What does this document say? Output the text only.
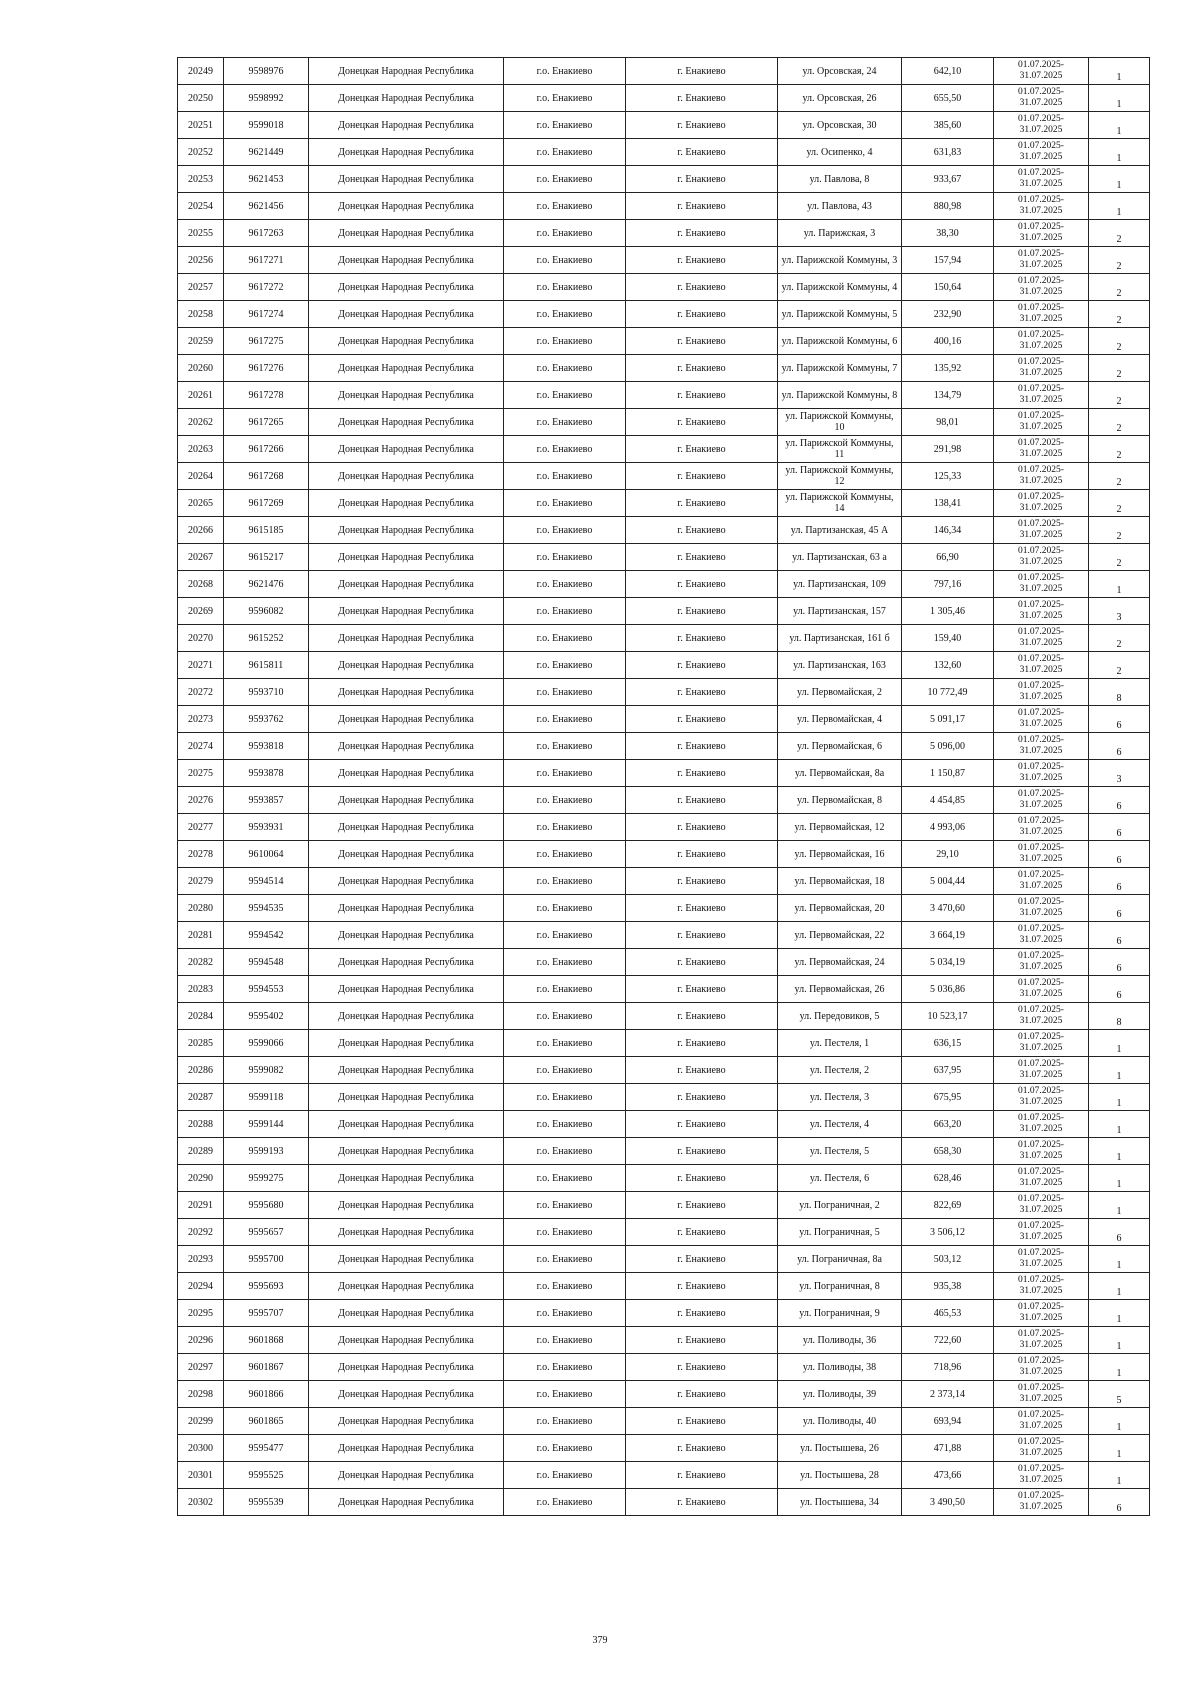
20249	9598976	Донецкая Народная Республика	г.о. Енакиево	г. Енакиево	ул. Орсовская, 24	642,10	01.07.2025-
31.07.2025	1
20250	9598992	Донецкая Народная Республика	г.о. Енакиево	г. Енакиево	ул. Орсовская, 26	655,50	01.07.2025-
31.07.2025	1
20251	9599018	Донецкая Народная Республика	г.о. Енакиево	г. Енакиево	ул. Орсовская, 30	385,60	01.07.2025-
31.07.2025	1
20252	9621449	Донецкая Народная Республика	г.о. Енакиево	г. Енакиево	ул. Осипенко, 4	631,83	01.07.2025-
31.07.2025	1
20253	9621453	Донецкая Народная Республика	г.о. Енакиево	г. Енакиево	ул. Павлова, 8	933,67	01.07.2025-
31.07.2025	1
20254	9621456	Донецкая Народная Республика	г.о. Енакиево	г. Енакиево	ул. Павлова, 43	880,98	01.07.2025-
31.07.2025	1
20255	9617263	Донецкая Народная Республика	г.о. Енакиево	г. Енакиево	ул. Парижская, 3	38,30	01.07.2025-
31.07.2025	2
20256	9617271	Донецкая Народная Республика	г.о. Енакиево	г. Енакиево	ул. Парижской Коммуны, 3	157,94	01.07.2025-
31.07.2025	2
20257	9617272	Донецкая Народная Республика	г.о. Енакиево	г. Енакиево	ул. Парижской Коммуны, 4	150,64	01.07.2025-
31.07.2025	2
20258	9617274	Донецкая Народная Республика	г.о. Енакиево	г. Енакиево	ул. Парижской Коммуны, 5	232,90	01.07.2025-
31.07.2025	2
20259	9617275	Донецкая Народная Республика	г.о. Енакиево	г. Енакиево	ул. Парижской Коммуны, 6	400,16	01.07.2025-
31.07.2025	2
20260	9617276	Донецкая Народная Республика	г.о. Енакиево	г. Енакиево	ул. Парижской Коммуны, 7	135,92	01.07.2025-
31.07.2025	2
20261	9617278	Донецкая Народная Республика	г.о. Енакиево	г. Енакиево	ул. Парижской Коммуны, 8	134,79	01.07.2025-
31.07.2025	2
20262	9617265	Донецкая Народная Республика	г.о. Енакиево	г. Енакиево	ул. Парижской Коммуны, 10	98,01	01.07.2025-
31.07.2025	2
20263	9617266	Донецкая Народная Республика	г.о. Енакиево	г. Енакиево	ул. Парижской Коммуны, 11	291,98	01.07.2025-
31.07.2025	2
20264	9617268	Донецкая Народная Республика	г.о. Енакиево	г. Енакиево	ул. Парижской Коммуны, 12	125,33	01.07.2025-
31.07.2025	2
20265	9617269	Донецкая Народная Республика	г.о. Енакиево	г. Енакиево	ул. Парижской Коммуны, 14	138,41	01.07.2025-
31.07.2025	2
20266	9615185	Донецкая Народная Республика	г.о. Енакиево	г. Енакиево	ул. Партизанская, 45 А	146,34	01.07.2025-
31.07.2025	2
20267	9615217	Донецкая Народная Республика	г.о. Енакиево	г. Енакиево	ул. Партизанская, 63 а	66,90	01.07.2025-
31.07.2025	2
20268	9621476	Донецкая Народная Республика	г.о. Енакиево	г. Енакиево	ул. Партизанская, 109	797,16	01.07.2025-
31.07.2025	1
20269	9596082	Донецкая Народная Республика	г.о. Енакиево	г. Енакиево	ул. Партизанская, 157	1 305,46	01.07.2025-
31.07.2025	3
20270	9615252	Донецкая Народная Республика	г.о. Енакиево	г. Енакиево	ул. Партизанская, 161 б	159,40	01.07.2025-
31.07.2025	2
20271	9615811	Донецкая Народная Республика	г.о. Енакиево	г. Енакиево	ул. Партизанская, 163	132,60	01.07.2025-
31.07.2025	2
20272	9593710	Донецкая Народная Республика	г.о. Енакиево	г. Енакиево	ул. Первомайская, 2	10 772,49	01.07.2025-
31.07.2025	8
20273	9593762	Донецкая Народная Республика	г.о. Енакиево	г. Енакиево	ул. Первомайская, 4	5 091,17	01.07.2025-
31.07.2025	6
20274	9593818	Донецкая Народная Республика	г.о. Енакиево	г. Енакиево	ул. Первомайская, 6	5 096,00	01.07.2025-
31.07.2025	6
20275	9593878	Донецкая Народная Республика	г.о. Енакиево	г. Енакиево	ул. Первомайская, 8а	1 150,87	01.07.2025-
31.07.2025	3
20276	9593857	Донецкая Народная Республика	г.о. Енакиево	г. Енакиево	ул. Первомайская, 8	4 454,85	01.07.2025-
31.07.2025	6
20277	9593931	Донецкая Народная Республика	г.о. Енакиево	г. Енакиево	ул. Первомайская, 12	4 993,06	01.07.2025-
31.07.2025	6
20278	9610064	Донецкая Народная Республика	г.о. Енакиево	г. Енакиево	ул. Первомайская, 16	29,10	01.07.2025-
31.07.2025	6
20279	9594514	Донецкая Народная Республика	г.о. Енакиево	г. Енакиево	ул. Первомайская, 18	5 004,44	01.07.2025-
31.07.2025	6
20280	9594535	Донецкая Народная Республика	г.о. Енакиево	г. Енакиево	ул. Первомайская, 20	3 470,60	01.07.2025-
31.07.2025	6
20281	9594542	Донецкая Народная Республика	г.о. Енакиево	г. Енакиево	ул. Первомайская, 22	3 664,19	01.07.2025-
31.07.2025	6
20282	9594548	Донецкая Народная Республика	г.о. Енакиево	г. Енакиево	ул. Первомайская, 24	5 034,19	01.07.2025-
31.07.2025	6
20283	9594553	Донецкая Народная Республика	г.о. Енакиево	г. Енакиево	ул. Первомайская, 26	5 036,86	01.07.2025-
31.07.2025	6
20284	9595402	Донецкая Народная Республика	г.о. Енакиево	г. Енакиево	ул. Передовиков, 5	10 523,17	01.07.2025-
31.07.2025	8
20285	9599066	Донецкая Народная Республика	г.о. Енакиево	г. Енакиево	ул. Пестеля, 1	636,15	01.07.2025-
31.07.2025	1
20286	9599082	Донецкая Народная Республика	г.о. Енакиево	г. Енакиево	ул. Пестеля, 2	637,95	01.07.2025-
31.07.2025	1
20287	9599118	Донецкая Народная Республика	г.о. Енакиево	г. Енакиево	ул. Пестеля, 3	675,95	01.07.2025-
31.07.2025	1
20288	9599144	Донецкая Народная Республика	г.о. Енакиево	г. Енакиево	ул. Пестеля, 4	663,20	01.07.2025-
31.07.2025	1
20289	9599193	Донецкая Народная Республика	г.о. Енакиево	г. Енакиево	ул. Пестеля, 5	658,30	01.07.2025-
31.07.2025	1
20290	9599275	Донецкая Народная Республика	г.о. Енакиево	г. Енакиево	ул. Пестеля, 6	628,46	01.07.2025-
31.07.2025	1
20291	9595680	Донецкая Народная Республика	г.о. Енакиево	г. Енакиево	ул. Пограничная, 2	822,69	01.07.2025-
31.07.2025	1
20292	9595657	Донецкая Народная Республика	г.о. Енакиево	г. Енакиево	ул. Пограничная, 5	3 506,12	01.07.2025-
31.07.2025	6
20293	9595700	Донецкая Народная Республика	г.о. Енакиево	г. Енакиево	ул. Пограничная, 8а	503,12	01.07.2025-
31.07.2025	1
20294	9595693	Донецкая Народная Республика	г.о. Енакиево	г. Енакиево	ул. Пограничная, 8	935,38	01.07.2025-
31.07.2025	1
20295	9595707	Донецкая Народная Республика	г.о. Енакиево	г. Енакиево	ул. Пограничная, 9	465,53	01.07.2025-
31.07.2025	1
20296	9601868	Донецкая Народная Республика	г.о. Енакиево	г. Енакиево	ул. Поливоды, 36	722,60	01.07.2025-
31.07.2025	1
20297	9601867	Донецкая Народная Республика	г.о. Енакиево	г. Енакиево	ул. Поливоды, 38	718,96	01.07.2025-
31.07.2025	1
20298	9601866	Донецкая Народная Республика	г.о. Енакиево	г. Енакиево	ул. Поливоды, 39	2 373,14	01.07.2025-
31.07.2025	5
20299	9601865	Донецкая Народная Республика	г.о. Енакиево	г. Енакиево	ул. Поливоды, 40	693,94	01.07.2025-
31.07.2025	1
20300	9595477	Донецкая Народная Республика	г.о. Енакиево	г. Енакиево	ул. Постышева, 26	471,88	01.07.2025-
31.07.2025	1
20301	9595525	Донецкая Народная Республика	г.о. Енакиево	г. Енакиево	ул. Постышева, 28	473,66	01.07.2025-
31.07.2025	1
20302	9595539	Донецкая Народная Республика	г.о. Енакиево	г. Енакиево	ул. Постышева, 34	3 490,50	01.07.2025-
31.07.2025	6
379
